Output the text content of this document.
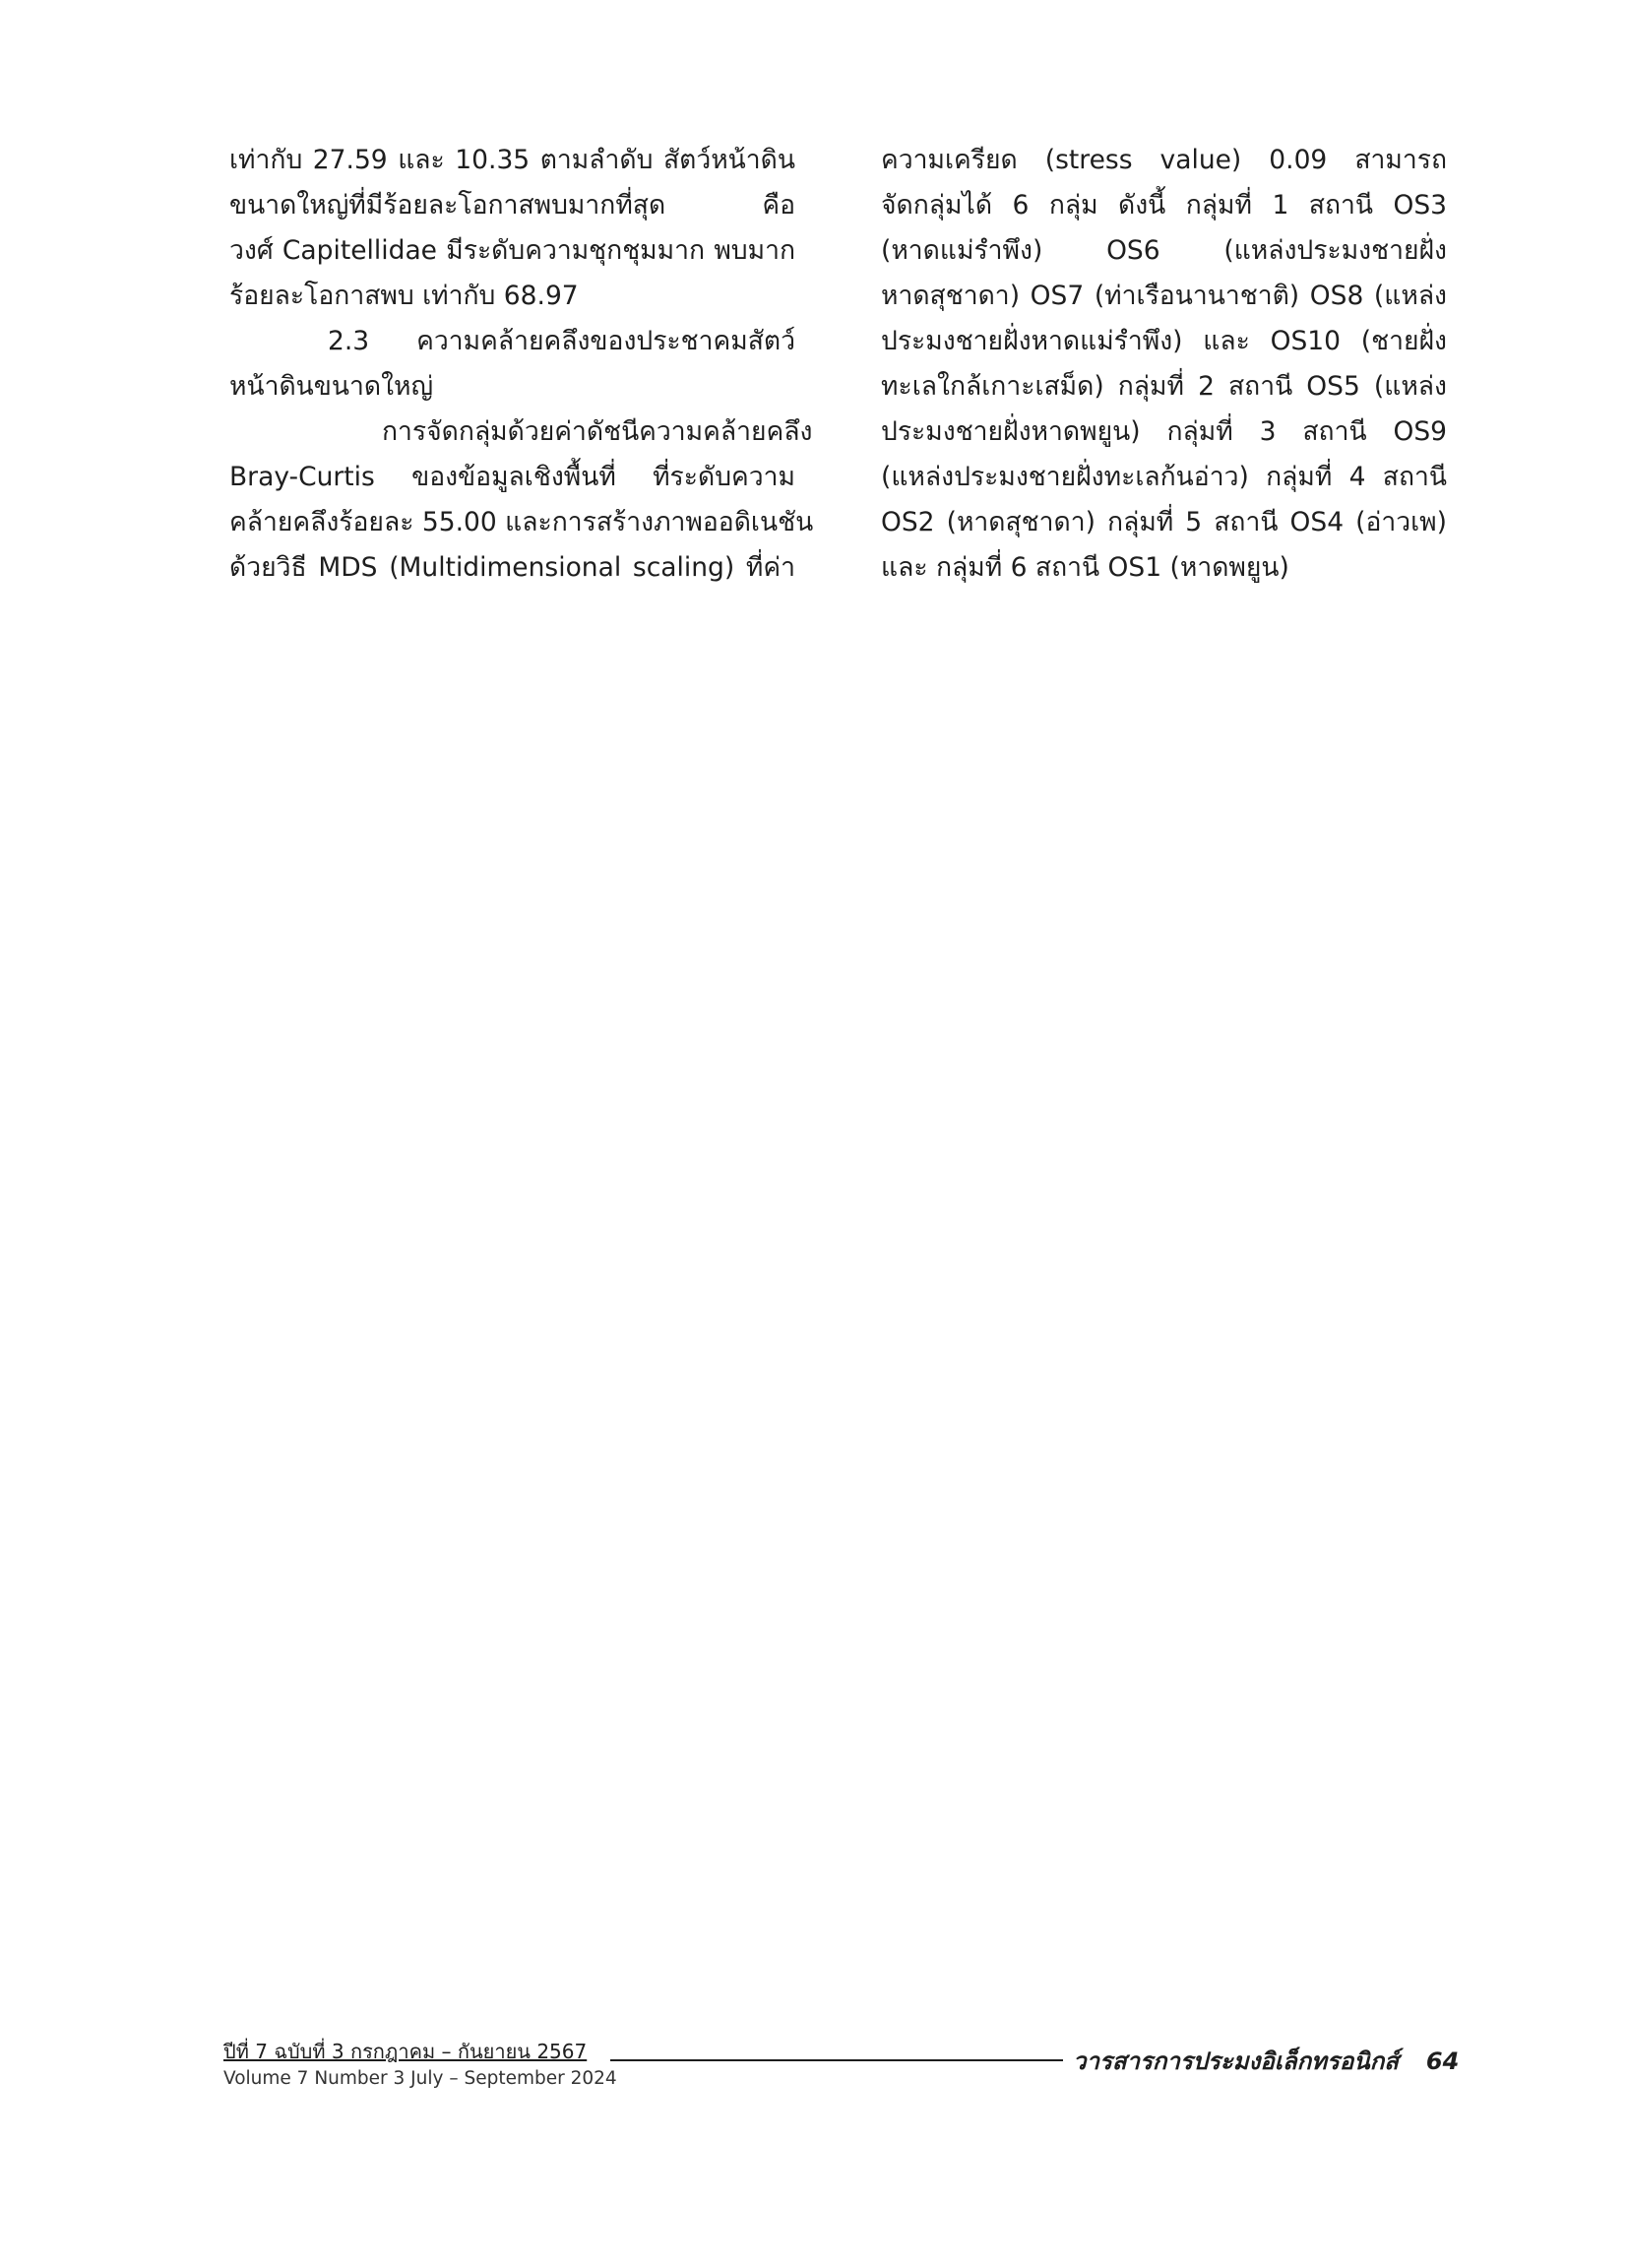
เท่ากับ 27.59 และ 10.35 ตามลำดับ สัตว์หน้าดิน
ขนาดใหญ่ที่มีร้อยละโอกาสพบมากที่สุด คือ
วงศ์ Capitellidae มีระดับความชุกชุมมาก พบมาก
ร้อยละโอกาสพบ เท่ากับ 68.97
2.3 ความคล้ายคลึงของประชาคมสัตว์
หน้าดินขนาดใหญ่
การจัดกลุ่มด้วยค่าดัชนีความคล้ายคลึง
Bray-Curtis ของข้อมูลเชิงพื้นที่ ที่ระดับความ
คล้ายคลึงร้อยละ 55.00 และการสร้างภาพออดิเนชัน
ด้วยวิธี MDS (Multidimensional scaling) ที่ค่า
ความเครียด (stress value) 0.09 สามารถ
จัดกลุ่มได้ 6 กลุ่ม ดังนี้ กลุ่มที่ 1 สถานี OS3
(หาดแม่รำพึง) OS6 (แหล่งประมงชายฝั่ง
หาดสุชาดา) OS7 (ท่าเรือนานาชาติ) OS8 (แหล่ง
ประมงชายฝั่งหาดแม่รำพึง) และ OS10 (ชายฝั่ง
ทะเลใกล้เกาะเสม็ด) กลุ่มที่ 2 สถานี OS5 (แหล่ง
ประมงชายฝั่งหาดพยูน) กลุ่มที่ 3 สถานี OS9
(แหล่งประมงชายฝั่งทะเลก้นอ่าว) กลุ่มที่ 4 สถานี
OS2 (หาดสุชาดา) กลุ่มที่ 5 สถานี OS4 (อ่าวเพ)
และ กลุ่มที่ 6 สถานี OS1 (หาดพยูน)
ปีที่ 7 ฉบับที่ 3 กรกฎาคม – กันยายน 2567
Volume 7 Number 3 July – September 2024
วารสารการประมงอิเล็กทรอนิกส์ 64
